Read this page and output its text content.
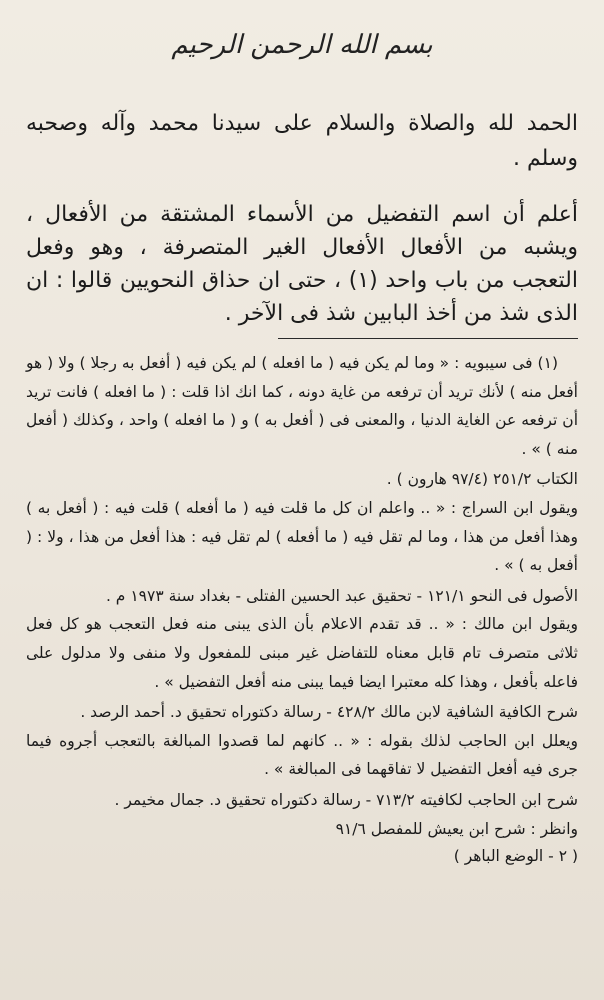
بسم الله الرحمن الرحيم

الحمد لله والصلاة والسلام على سيدنا محمد وآله وصحبه وسلم .

أعلم أن اسم التفضيل من الأسماء المشتقة من الأفعال ، ويشبه من الأفعال الأفعال الغير المتصرفة ، وهو وفعل التعجب من باب واحد (١) ، حتى ان حذاق النحويين قالوا : ان الذى شذ من أخذ البابين شذ فى الآخر .

(١) فى سيبويه : « وما لم يكن فيه ( ما افعله ) لم يكن فيه ( أفعل به رجلا ) ولا ( هو أفعل منه ) لأنك تريد أن ترفعه من غاية دونه ، كما انك اذا قلت : ( ما افعله ) فانت تريد أن ترفعه عن الغاية الدنيا ، والمعنى فى ( أفعل به ) و ( ما افعله ) واحد ، وكذلك ( أفعل منه ) » .

الكتاب ٢٥١/٢ (٩٧/٤ هارون ) .

ويقول ابن السراج : « .. واعلم ان كل ما قلت فيه ( ما أفعله ) قلت فيه : ( أفعل به ) وهذا أفعل من هذا ، وما لم تقل فيه ( ما أفعله ) لم تقل فيه : هذا أفعل من هذا ، ولا : ( أفعل به ) » .

الأصول فى النحو ١٢١/١ - تحقيق عبد الحسين الفتلى - بغداد سنة ١٩٧٣ م .

ويقول ابن مالك : « .. قد تقدم الاعلام بأن الذى يبنى منه فعل التعجب هو كل فعل ثلاثى متصرف تام قابل معناه للتفاضل غير مبنى للمفعول ولا منفى ولا مدلول على فاعله بأفعل ، وهذا كله معتبرا ايضا فيما يبنى منه أفعل التفضيل » .

شرح الكافية الشافية لابن مالك ٤٢٨/٢ - رسالة دكتوراه تحقيق د. أحمد الرصد .

ويعلل ابن الحاجب لذلك بقوله : « .. كانهم لما قصدوا المبالغة بالتعجب أجروه فيما جرى فيه أفعل التفضيل لا تفاقهما فى المبالغة » .

شرح ابن الحاجب لكافيته ٧١٣/٢ - رسالة دكتوراه تحقيق د. جمال مخيمر .

وانظر : شرح ابن يعيش للمفصل ٩١/٦

( ٢ - الوضع الباهر )
